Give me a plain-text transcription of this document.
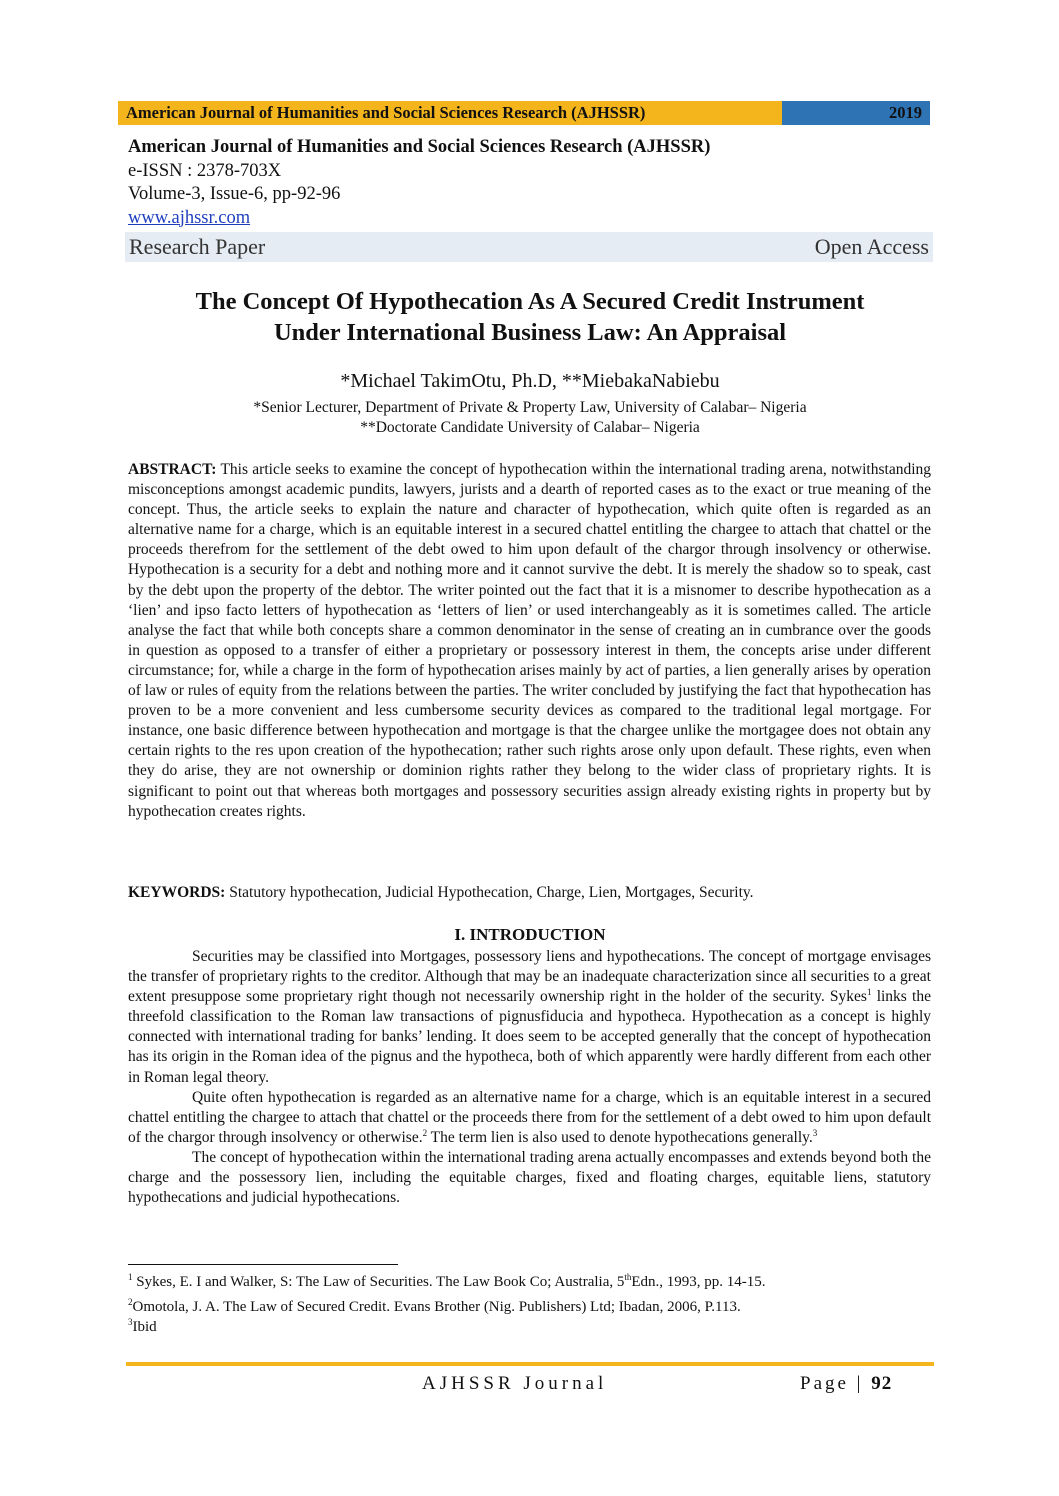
American Journal of Humanities and Social Sciences Research (AJHSSR)	2019
American Journal of Humanities and Social Sciences Research (AJHSSR)
e-ISSN : 2378-703X
Volume-3, Issue-6, pp-92-96
www.ajhssr.com
Research Paper	Open Access
The Concept Of Hypothecation As A Secured Credit Instrument
Under International Business Law: An Appraisal
*Michael TakimOtu, Ph.D, **MiebakaNabiebu
*Senior Lecturer, Department of Private & Property Law, University of Calabar– Nigeria
**Doctorate Candidate University of Calabar– Nigeria
ABSTRACT: This article seeks to examine the concept of hypothecation within the international trading arena, notwithstanding misconceptions amongst academic pundits, lawyers, jurists and a dearth of reported cases as to the exact or true meaning of the concept. Thus, the article seeks to explain the nature and character of hypothecation, which quite often is regarded as an alternative name for a charge, which is an equitable interest in a secured chattel entitling the chargee to attach that chattel or the proceeds therefrom for the settlement of the debt owed to him upon default of the chargor through insolvency or otherwise. Hypothecation is a security for a debt and nothing more and it cannot survive the debt. It is merely the shadow so to speak, cast by the debt upon the property of the debtor. The writer pointed out the fact that it is a misnomer to describe hypothecation as a ‘lien’ and ipso facto letters of hypothecation as ‘letters of lien’ or used interchangeably as it is sometimes called. The article analyse the fact that while both concepts share a common denominator in the sense of creating an in cumbrance over the goods in question as opposed to a transfer of either a proprietary or possessory interest in them, the concepts arise under different circumstance; for, while a charge in the form of hypothecation arises mainly by act of parties, a lien generally arises by operation of law or rules of equity from the relations between the parties. The writer concluded by justifying the fact that hypothecation has proven to be a more convenient and less cumbersome security devices as compared to the traditional legal mortgage. For instance, one basic difference between hypothecation and mortgage is that the chargee unlike the mortgagee does not obtain any certain rights to the res upon creation of the hypothecation; rather such rights arose only upon default. These rights, even when they do arise, they are not ownership or dominion rights rather they belong to the wider class of proprietary rights. It is significant to point out that whereas both mortgages and possessory securities assign already existing rights in property but by hypothecation creates rights.
KEYWORDS: Statutory hypothecation, Judicial Hypothecation, Charge, Lien, Mortgages, Security.
I. INTRODUCTION

Securities may be classified into Mortgages, possessory liens and hypothecations. The concept of mortgage envisages the transfer of proprietary rights to the creditor. Although that may be an inadequate characterization since all securities to a great extent presuppose some proprietary right though not necessarily ownership right in the holder of the security. Sykes$^1$ links the threefold classification to the Roman law transactions of pignusfiducia and hypotheca. Hypothecation as a concept is highly connected with international trading for banks’ lending. It does seem to be accepted generally that the concept of hypothecation has its origin in the Roman idea of the pignus and the hypotheca, both of which apparently were hardly different from each other in Roman legal theory.

Quite often hypothecation is regarded as an alternative name for a charge, which is an equitable interest in a secured chattel entitling the chargee to attach that chattel or the proceeds there from for the settlement of a debt owed to him upon default of the chargor through insolvency or otherwise.$^2$ The term lien is also used to denote hypothecations generally.$^3$

The concept of hypothecation within the international trading arena actually encompasses and extends beyond both the charge and the possessory lien, including the equitable charges, fixed and floating charges, equitable liens, statutory hypothecations and judicial hypothecations.

$^1$ Sykes, E. I and Walker, S: The Law of Securities. The Law Book Co; Australia, 5thEdn., 1993, pp. 14-15.

$^2$Omotola, J. A. The Law of Secured Credit. Evans Brother (Nig. Publishers) Ltd; Ibadan, 2006, P.113.

$^3$Ibid

AJHSSR Journal	Page | 92
